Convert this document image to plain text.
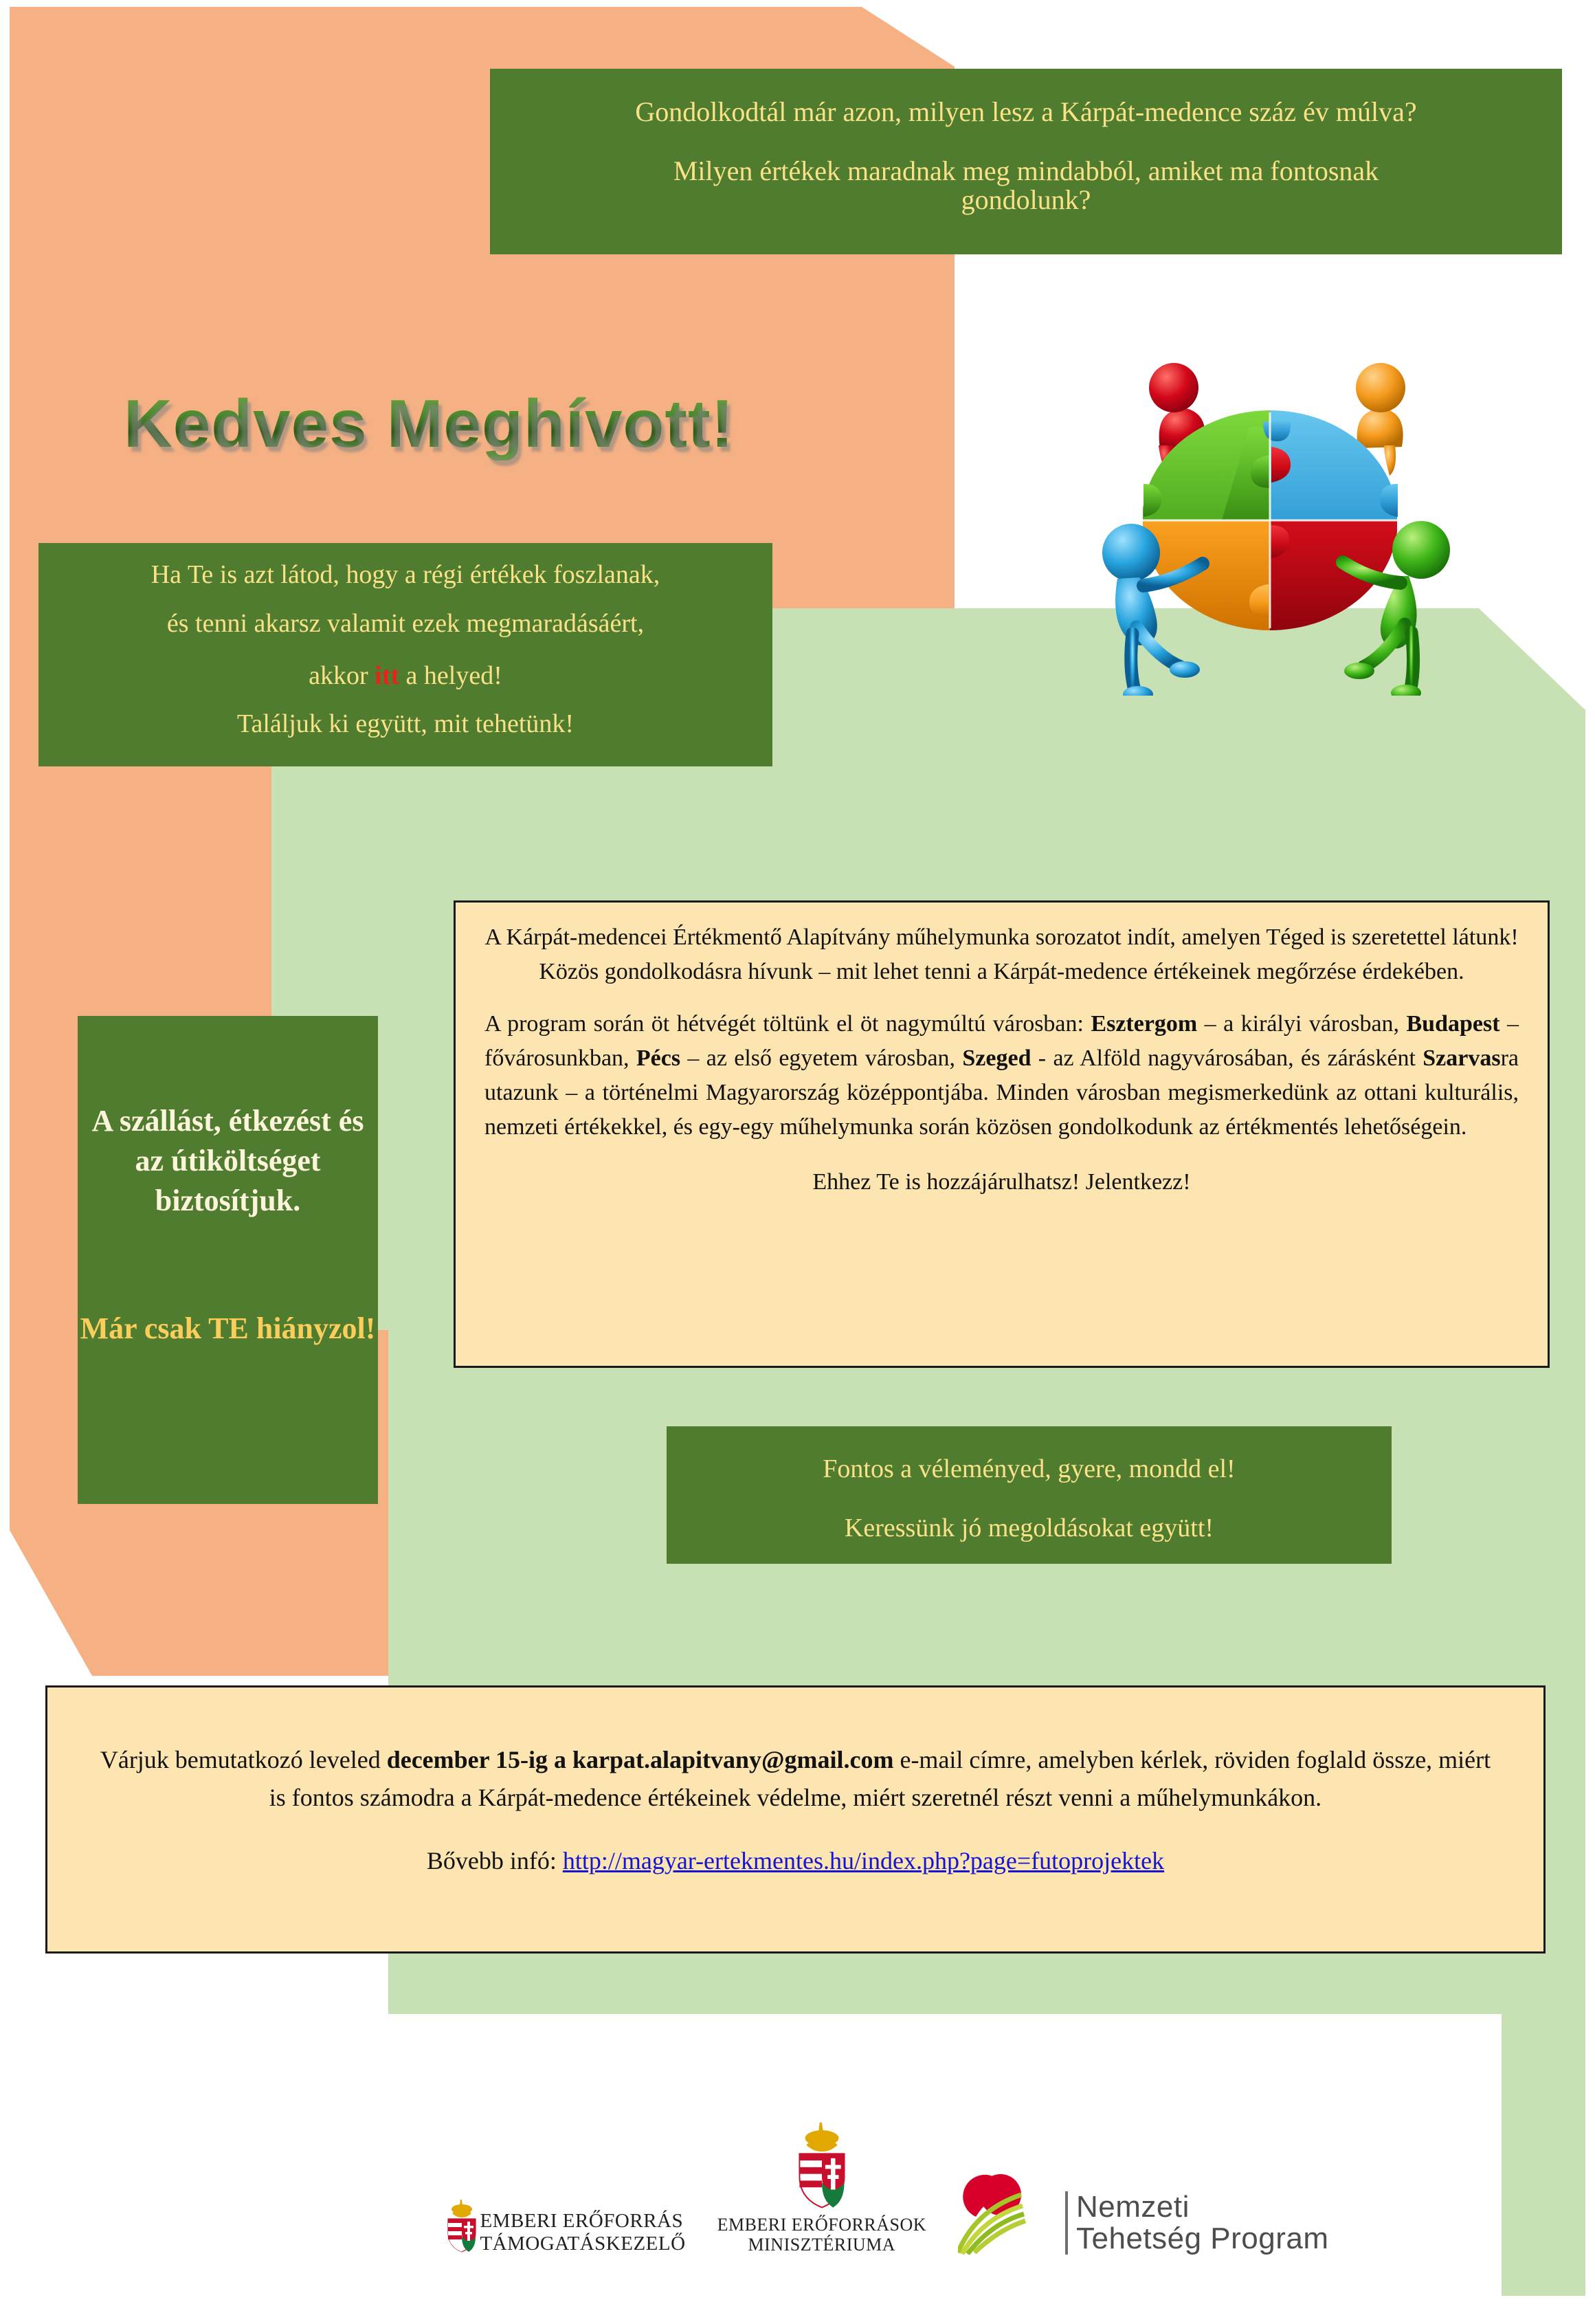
Gondolkodtál már azon, milyen lesz a Kárpát-medence száz év múlva?
Milyen értékek maradnak meg mindabból, amiket ma fontosnak
gondolunk?
Kedves Meghívott!
Ha Te is azt látod, hogy a régi értékek foszlanak,
és tenni akarsz valamit ezek megmaradásáért,
akkor itt a helyed!
Találjuk ki együtt, mit tehetünk!
A szállást, étkezést és az útiköltséget biztosítjuk.
Már csak TE hiányzol!

A Kárpát-medencei Értékmentő Alapítvány műhelymunka sorozatot indít, amelyen Téged is szeretettel látunk! Közös gondolkodásra hívunk – mit lehet tenni a Kárpát-medence értékeinek megőrzése érdekében.

A program során öt hétvégét töltünk el öt nagymúltú városban: Esztergom – a királyi városban, Budapest – fővárosunkban, Pécs – az első egyetem városban, Szeged - az Alföld nagyvárosában, és zárásként Szarvasra utazunk – a történelmi Magyarország középpontjába. Minden városban megismerkedünk az ottani kulturális, nemzeti értékekkel, és egy-egy műhelymunka során közösen gondolkodunk az értékmentés lehetőségein.

Ehhez Te is hozzájárulhatsz! Jelentkezz!

Fontos a véleményed, gyere, mondd el!
Keressünk jó megoldásokat együtt!

Várjuk bemutatkozó leveled december 15-ig a karpat.alapitvany@gmail.com e-mail címre, amelyben kérlek, röviden foglald össze, miért is fontos számodra a Kárpát-medence értékeinek védelme, miért szeretnél részt venni a műhelymunkákon.

Bővebb infó: http://magyar-ertekmentes.hu/index.php?page=futoprojektek

EMBERI ERŐFORRÁS
TÁMOGATÁSKEZELŐ
EMBERI ERŐFORRÁSOK
MINISZTÉRIUMA
Nemzeti
Tehetség Program
